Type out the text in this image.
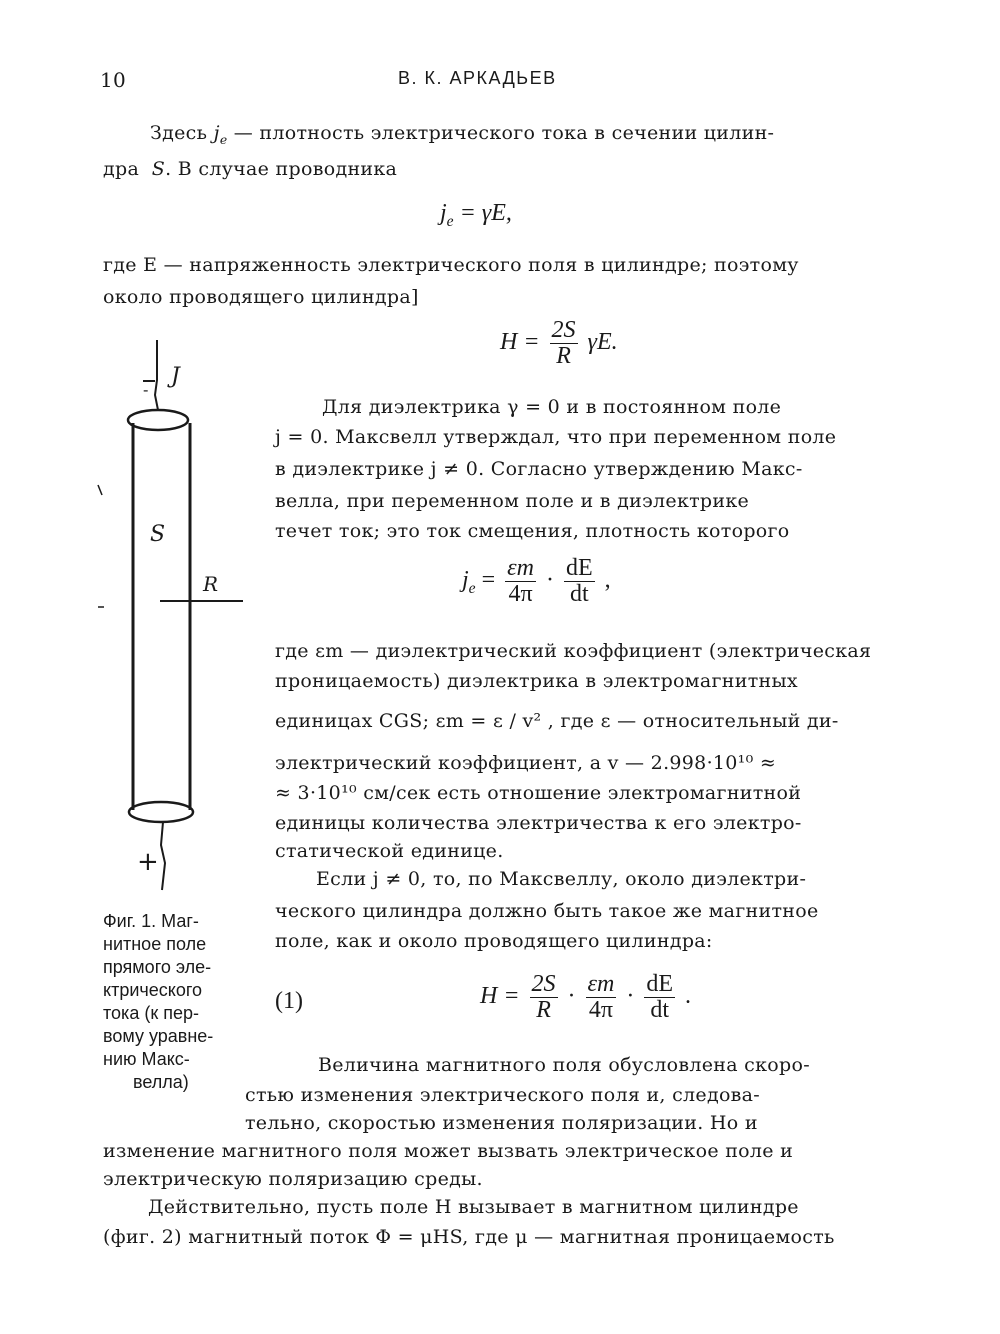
10	В. К. АРКАДЬЕВ
Здесь $j_e$ — плотность электрического тока в сечении цилин-
дра S. В случае проводника
$j_e = \gamma E$,
где E — напряженность электрического поля в цилиндре; поэтому
около проводящего цилиндра]
$H = \frac{2S}{R} \gamma E$.
Для диэлектрика γ = 0 и в постоянном поле
j = 0. Максвелл утверждал, что при переменном поле
в диэлектрике j ≠ 0. Согласно утверждению Макс-
велла, при переменном поле и в диэлектрике
течет ток; это ток смещения, плотность которого
$j_e = \frac{\varepsilon m}{4\pi} \cdot \frac{dE}{dt}$ ,
где εm — диэлектрический коэффициент (электрическая
проницаемость) диэлектрика в электромагнитных
единицах CGS; εm = ε / v² , где ε — относительный ди-
электрический коэффициент, а v — 2.998·10¹⁰ ≈
≈ 3·10¹⁰ см/сек есть отношение электромагнитной
единицы количества электричества к его электро-
статической единице.
Если j ≠ 0, то, по Максвеллу, около диэлектри-
ческого цилиндра должно быть такое же магнитное
поле, как и около проводящего цилиндра:
(1)	$H = \frac{2S}{R} \cdot \frac{\varepsilon m}{4\pi} \cdot \frac{dE}{dt}$ .
Величина магнитного поля обусловлена скоро-
стью изменения электрического поля и, следова-
тельно, скоростью изменения поляризации. Но и
изменение магнитного поля может вызвать электрическое поле и
электрическую поляризацию среды.
Действительно, пусть поле H вызывает в магнитном цилиндре
(фиг. 2) магнитный поток Φ = μHS, где μ — магнитная проницаемость
J
-
S
R
+
Фиг. 1. Маг-
нитное поле
прямого эле-
ктрического
тока (к пер-
вому уравне-
нию Макс-
велла)
